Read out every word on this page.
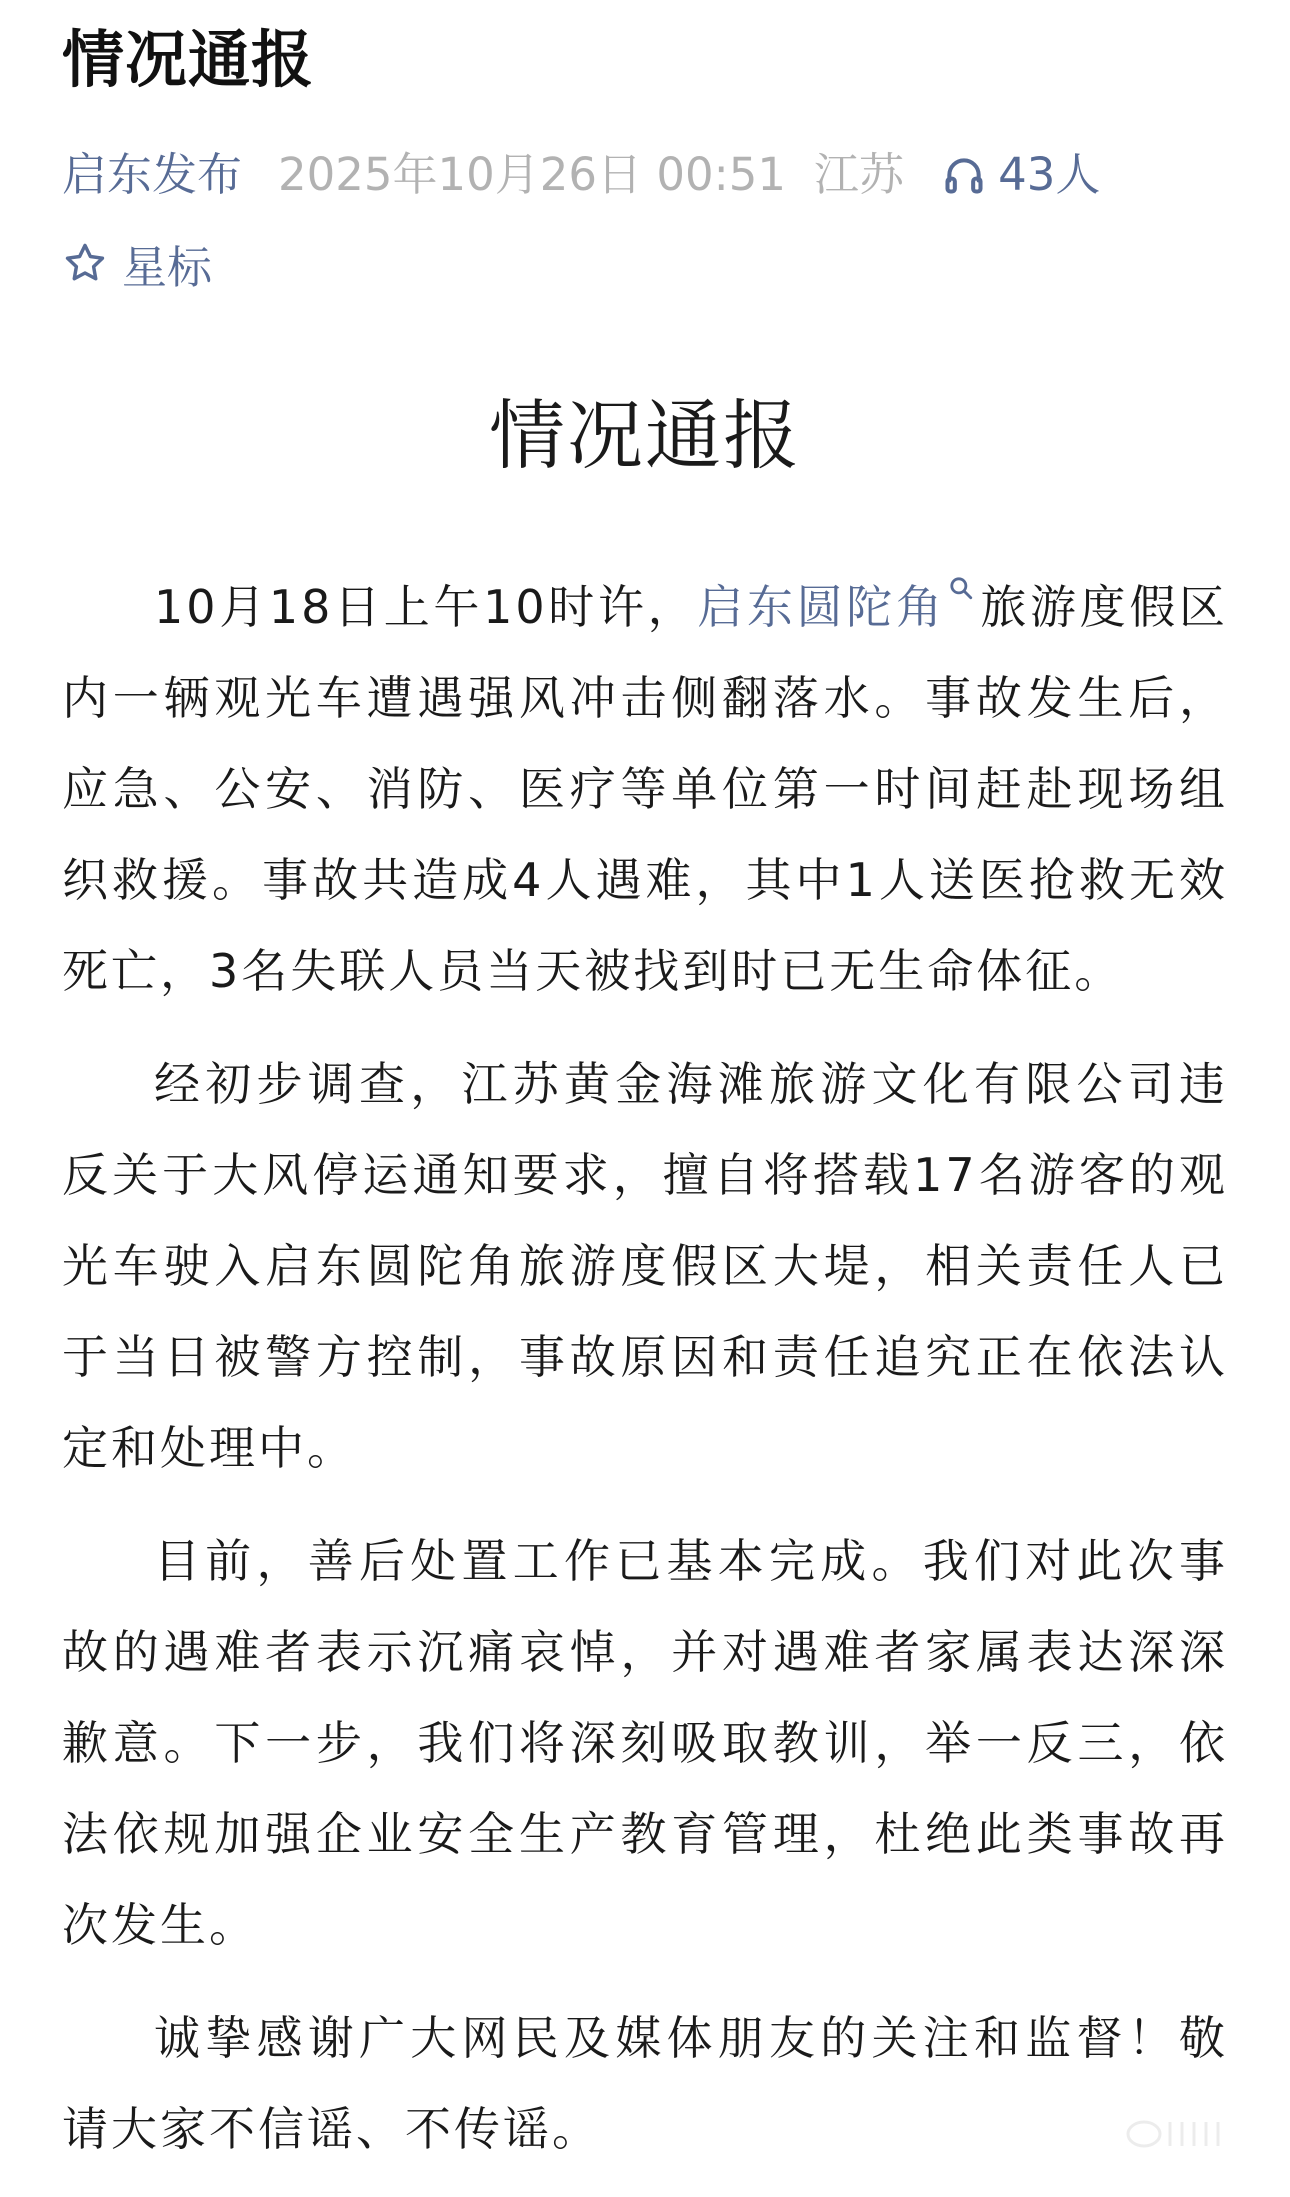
情况通报
启东发布 2025年10月26日 00:51 江苏 43人
星标
情况通报

10月18日上午10时许，启东圆陀角 旅游度假区内一辆观光车遭遇强风冲击侧翻落水。事故发生后，应急、公安、消防、医疗等单位第一时间赶赴现场组织救援。事故共造成4人遇难，其中1人送医抢救无效死亡，3名失联人员当天被找到时已无生命体征。

经初步调查，江苏黄金海滩旅游文化有限公司违反关于大风停运通知要求，擅自将搭载17名游客的观光车驶入启东圆陀角旅游度假区大堤，相关责任人已于当日被警方控制，事故原因和责任追究正在依法认定和处理中。

目前，善后处置工作已基本完成。我们对此次事故的遇难者表示沉痛哀悼，并对遇难者家属表达深深歉意。下一步，我们将深刻吸取教训，举一反三，依法依规加强企业安全生产教育管理，杜绝此类事故再次发生。

诚挚感谢广大网民及媒体朋友的关注和监督！敬请大家不信谣、不传谣。
